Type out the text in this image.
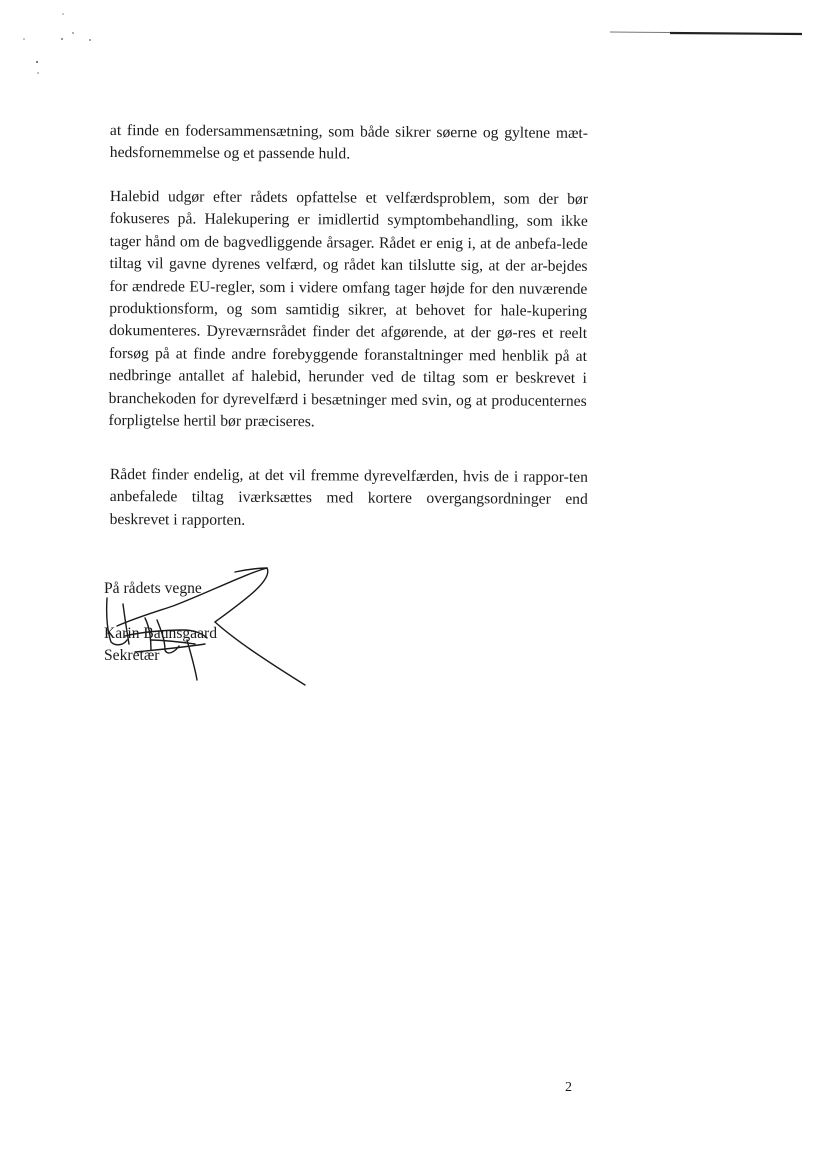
at finde en fodersammensætning, som både sikrer søerne og gyltene mæt-hedsfornemmelse og et passende huld.

Halebid udgør efter rådets opfattelse et velfærdsproblem, som der bør fokuseres på. Halekupering er imidlertid symptombehandling, som ikke tager hånd om de bagvedliggende årsager. Rådet er enig i, at de anbefa-lede tiltag vil gavne dyrenes velfærd, og rådet kan tilslutte sig, at der ar-bejdes for ændrede EU-regler, som i videre omfang tager højde for den nuværende produktionsform, og som samtidig sikrer, at behovet for hale-kupering dokumenteres. Dyreværnsrådet finder det afgørende, at der gø-res et reelt forsøg på at finde andre forebyggende foranstaltninger med henblik på at nedbringe antallet af halebid, herunder ved de tiltag som er beskrevet i branchekoden for dyrevelfærd i besætninger med svin, og at producenternes forpligtelse hertil bør præciseres.

Rådet finder endelig, at det vil fremme dyrevelfærden, hvis de i rappor-ten anbefalede tiltag iværksættes med kortere overgangsordninger end beskrevet i rapporten.

På rådets vegne
Karin Baunsgaard
Sekretær
2
